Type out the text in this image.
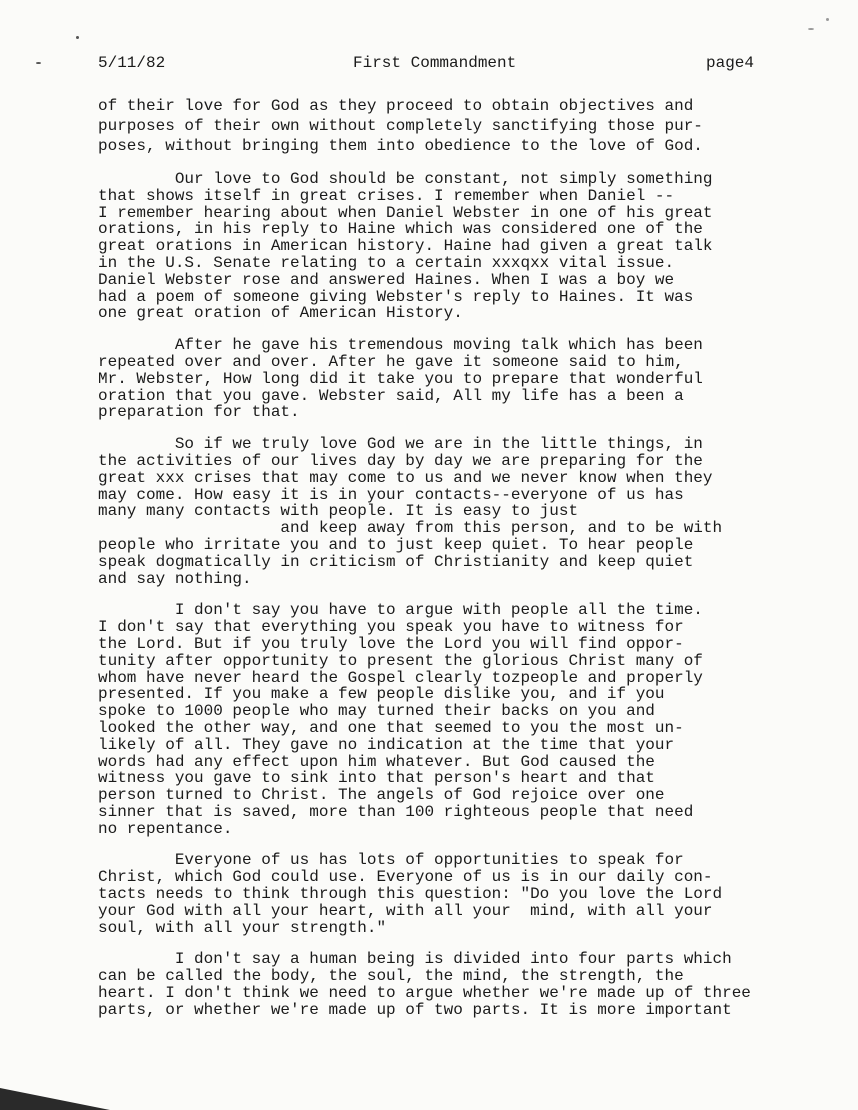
5/11/82	First Commandment	page4
of their love for God as they proceed to obtain objectives and
purposes of their own without completely sanctifying those pur-
poses, without bringing them into obedience to the love of God.
Our love to God should be constant, not simply something
that shows itself in great crises. I remember when Daniel --
I remember hearing about when Daniel Webster in one of his great
orations, in his reply to Haine which was considered one of the
great orations in American history. Haine had given a great talk
in the U.S. Senate relating to a certain xxxqxx vital issue.
Daniel Webster rose and answered Haines. When I was a boy we
had a poem of someone giving Webster's reply to Haines. It was
one great oration of American History.
After he gave his tremendous moving talk which has been
repeated over and over. After he gave it someone said to him,
Mr. Webster, How long did it take you to prepare that wonderful
oration that you gave. Webster said, All my life has a been a
preparation for that.
So if we truly love God we are in the little things, in
the activities of our lives day by day we are preparing for the
great xxx crises that may come to us and we never know when they
may come. How easy it is in your contacts--everyone of us has
many many contacts with people. It is easy to just
and keep away from this person, and to be with
people who irritate you and to just keep quiet. To hear people
speak dogmatically in criticism of Christianity and keep quiet
and say nothing.
I don't say you have to argue with people all the time.
I don't say that everything you speak you have to witness for
the Lord. But if you truly love the Lord you will find oppor-
tunity after opportunity to present the glorious Christ many of
whom have never heard the Gospel clearly tozpeople and properly
presented. If you make a few people dislike you, and if you
spoke to 1000 people who may turned their backs on you and
looked the other way, and one that seemed to you the most un-
likely of all. They gave no indication at the time that your
words had any effect upon him whatever. But God caused the
witness you gave to sink into that person's heart and that
person turned to Christ. The angels of God rejoice over one
sinner that is saved, more than 100 righteous people that need
no repentance.
Everyone of us has lots of opportunities to speak for
Christ, which God could use. Everyone of us is in our daily con-
tacts needs to think through this question: "Do you love the Lord
your God with all your heart, with all your  mind, with all your
soul, with all your strength."
I don't say a human being is divided into four parts which
can be called the body, the soul, the mind, the strength, the
heart. I don't think we need to argue whether we're made up of three
parts, or whether we're made up of two parts. It is more important
